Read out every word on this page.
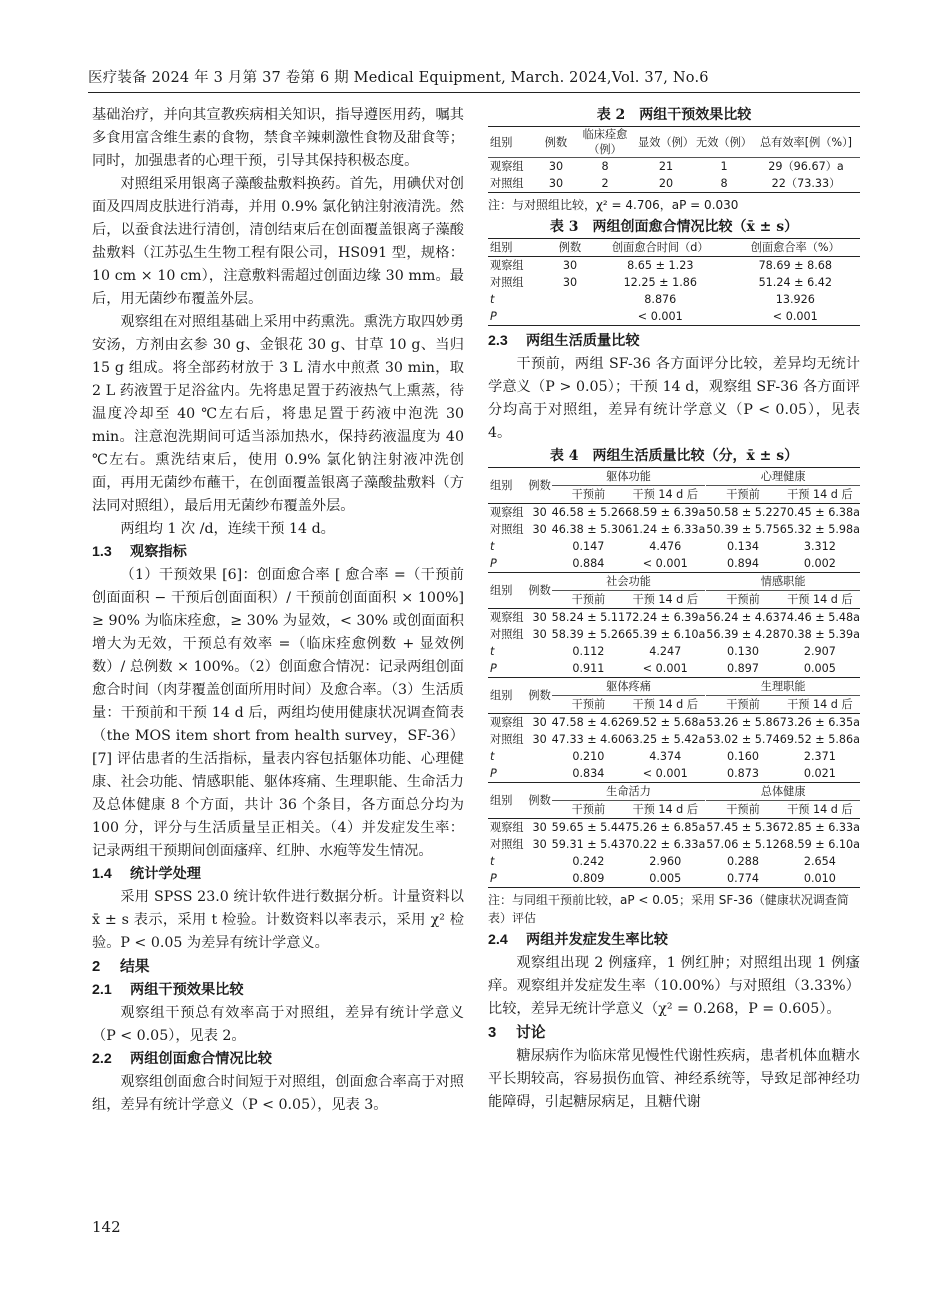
医疗装备 2024 年 3 月第 37 卷第 6 期 Medical Equipment, March. 2024,Vol. 37, No.6

基础治疗，并向其宣教疾病相关知识，指导遵医用药，嘱其多食用富含维生素的食物，禁食辛辣刺激性食物及甜食等；同时，加强患者的心理干预，引导其保持积极态度。

对照组采用银离子藻酸盐敷料换药。首先，用碘伏对创面及四周皮肤进行消毒，并用 0.9% 氯化钠注射液清洗。然后，以蚕食法进行清创，清创结束后在创面覆盖银离子藻酸盐敷料（江苏弘生生物工程有限公司，HS091 型，规格：10 cm × 10 cm），注意敷料需超过创面边缘 30 mm。最后，用无菌纱布覆盖外层。

观察组在对照组基础上采用中药熏洗。熏洗方取四妙勇安汤，方剂由玄参 30 g、金银花 30 g、甘草 10 g、当归 15 g 组成。将全部药材放于 3 L 清水中煎煮 30 min，取 2 L 药液置于足浴盆内。先将患足置于药液热气上熏蒸，待温度冷却至 40 ℃左右后，将患足置于药液中泡洗 30 min。注意泡洗期间可适当添加热水，保持药液温度为 40 ℃左右。熏洗结束后，使用 0.9% 氯化钠注射液冲洗创面，再用无菌纱布蘸干，在创面覆盖银离子藻酸盐敷料（方法同对照组），最后用无菌纱布覆盖外层。

两组均 1 次 /d，连续干预 14 d。

1.3 观察指标

（1）干预效果 [6]：创面愈合率 [ 愈合率 =（干预前创面面积 − 干预后创面面积）/ 干预前创面面积 × 100%] ≥ 90% 为临床痊愈，≥ 30% 为显效，< 30% 或创面面积增大为无效，干预总有效率 =（临床痊愈例数 + 显效例数）/ 总例数 × 100%。（2）创面愈合情况：记录两组创面愈合时间（肉芽覆盖创面所用时间）及愈合率。（3）生活质量：干预前和干预 14 d 后，两组均使用健康状况调查简表（the MOS item short from health survey，SF-36）[7] 评估患者的生活指标，量表内容包括躯体功能、心理健康、社会功能、情感职能、躯体疼痛、生理职能、生命活力及总体健康 8 个方面，共计 36 个条目，各方面总分均为 100 分，评分与生活质量呈正相关。（4）并发症发生率：记录两组干预期间创面瘙痒、红肿、水疱等发生情况。

1.4 统计学处理

采用 SPSS 23.0 统计软件进行数据分析。计量资料以 x̄ ± s 表示，采用 t 检验。计数资料以率表示，采用 χ² 检验。P < 0.05 为差异有统计学意义。

2 结果

2.1 两组干预效果比较

观察组干预总有效率高于对照组，差异有统计学意义（P < 0.05），见表 2。

2.2 两组创面愈合情况比较

观察组创面愈合时间短于对照组，创面愈合率高于对照组，差异有统计学意义（P < 0.05），见表 3。

表 2　两组干预效果比较

组别	例数	临床痊愈（例）	显效（例）	无效（例）	总有效率[例（%）]
观察组	30	8	21	1	29（96.67）a
对照组	30	2	20	8	22（73.33）

注：与对照组比较，χ² = 4.706，aP = 0.030

表 3　两组创面愈合情况比较（x̄ ± s）

组别	例数	创面愈合时间（d）	创面愈合率（%）
观察组	30	8.65 ± 1.23	78.69 ± 8.68
对照组	30	12.25 ± 1.86	51.24 ± 6.42
t		8.876	13.926
P		< 0.001	< 0.001

2.3 两组生活质量比较

干预前，两组 SF-36 各方面评分比较，差异均无统计学意义（P > 0.05）；干预 14 d，观察组 SF-36 各方面评分均高于对照组，差异有统计学意义（P < 0.05），见表 4。

表 4　两组生活质量比较（分，x̄ ± s）

组别	例数	躯体功能		心理健康	
		干预前	干预 14 d 后		干预前	干预 14 d 后
观察组	30	46.58 ± 5.26	68.59 ± 6.39a		50.58 ± 5.22	70.45 ± 6.38a
对照组	30	46.38 ± 5.30	61.24 ± 6.33a		50.39 ± 5.75	65.32 ± 5.98a
t		0.147	4.476		0.134	3.312
P		0.884	< 0.001		0.894	0.002
组别	例数	社会功能		情感职能	
		干预前	干预 14 d 后		干预前	干预 14 d 后
观察组	30	58.24 ± 5.11	72.24 ± 6.39a		56.24 ± 4.63	74.46 ± 5.48a
对照组	30	58.39 ± 5.26	65.39 ± 6.10a		56.39 ± 4.28	70.38 ± 5.39a
t		0.112	4.247		0.130	2.907
P		0.911	< 0.001		0.897	0.005
组别	例数	躯体疼痛		生理职能	
		干预前	干预 14 d 后		干预前	干预 14 d 后
观察组	30	47.58 ± 4.62	69.52 ± 5.68a		53.26 ± 5.86	73.26 ± 6.35a
对照组	30	47.33 ± 4.60	63.25 ± 5.42a		53.02 ± 5.74	69.52 ± 5.86a
t		0.210	4.374		0.160	2.371
P		0.834	< 0.001		0.873	0.021
组别	例数	生命活力		总体健康	
		干预前	干预 14 d 后		干预前	干预 14 d 后
观察组	30	59.65 ± 5.44	75.26 ± 6.85a		57.45 ± 5.36	72.85 ± 6.33a
对照组	30	59.31 ± 5.43	70.22 ± 6.33a		57.06 ± 5.12	68.59 ± 6.10a
t		0.242	2.960		0.288	2.654
P		0.809	0.005		0.774	0.010

注：与同组干预前比较，aP < 0.05；采用 SF-36（健康状况调查简表）评估

2.4 两组并发症发生率比较

观察组出现 2 例瘙痒，1 例红肿；对照组出现 1 例瘙痒。观察组并发症发生率（10.00%）与对照组（3.33%）比较，差异无统计学意义（χ² = 0.268，P = 0.605）。

3 讨论

糖尿病作为临床常见慢性代谢性疾病，患者机体血糖水平长期较高，容易损伤血管、神经系统等，导致足部神经功能障碍，引起糖尿病足，且糖代谢

142
